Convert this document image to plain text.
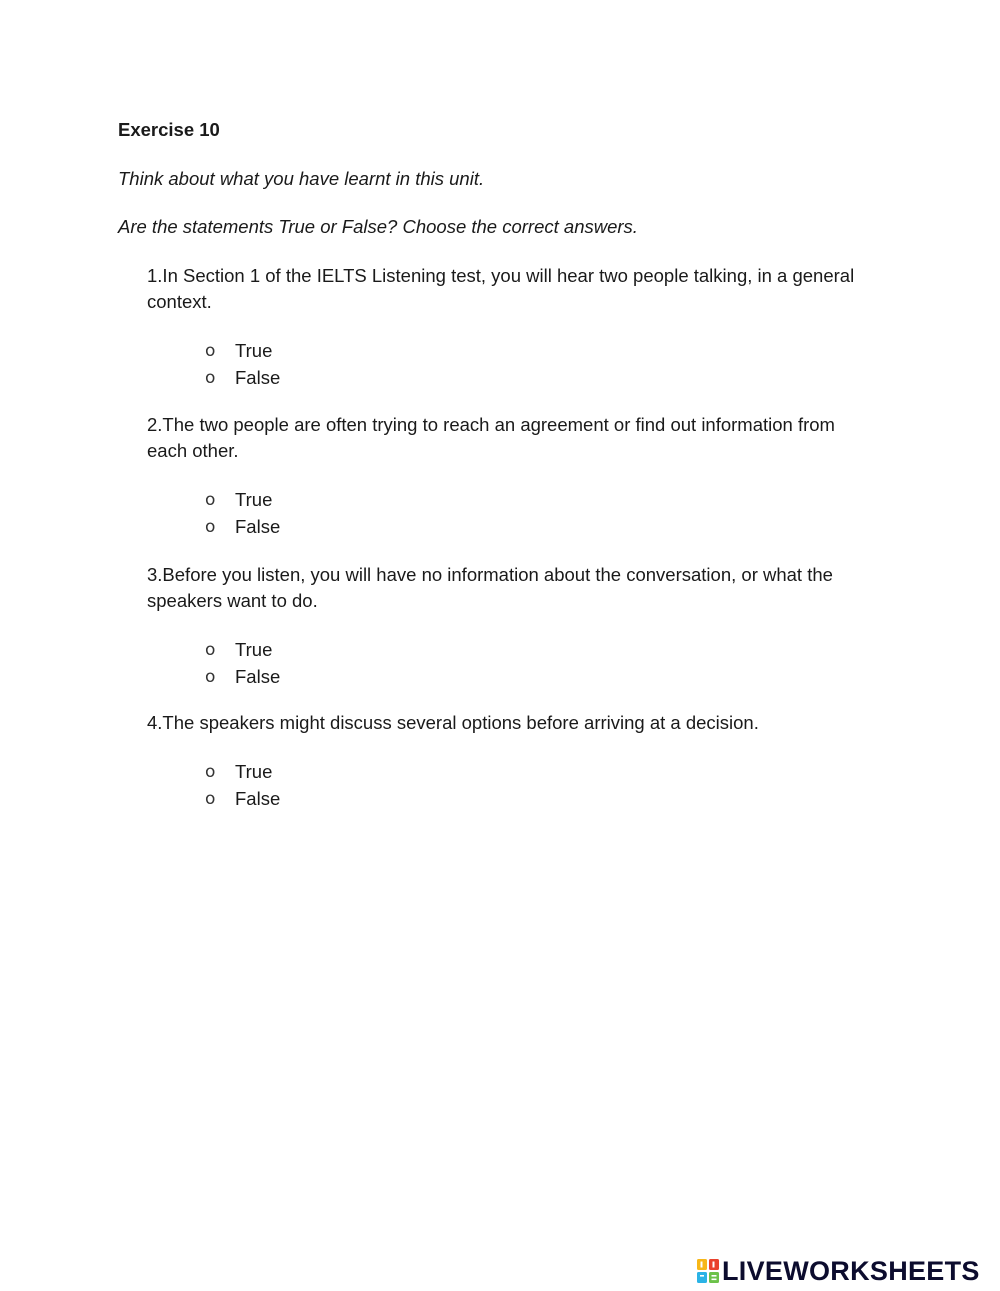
Exercise 10
Think about what you have learnt in this unit.
Are the statements True or False? Choose the correct answers.
1.In Section 1 of the IELTS Listening test, you will hear two people talking, in a general context.
o	True
o	False
2.The two people are often trying to reach an agreement or find out information from each other.
o	True
o	False
3.Before you listen, you will have no information about the conversation, or what the speakers want to do.
o	True
o	False
4.The speakers might discuss several options before arriving at a decision.
o	True
o	False
LIVEWORKSHEETS
